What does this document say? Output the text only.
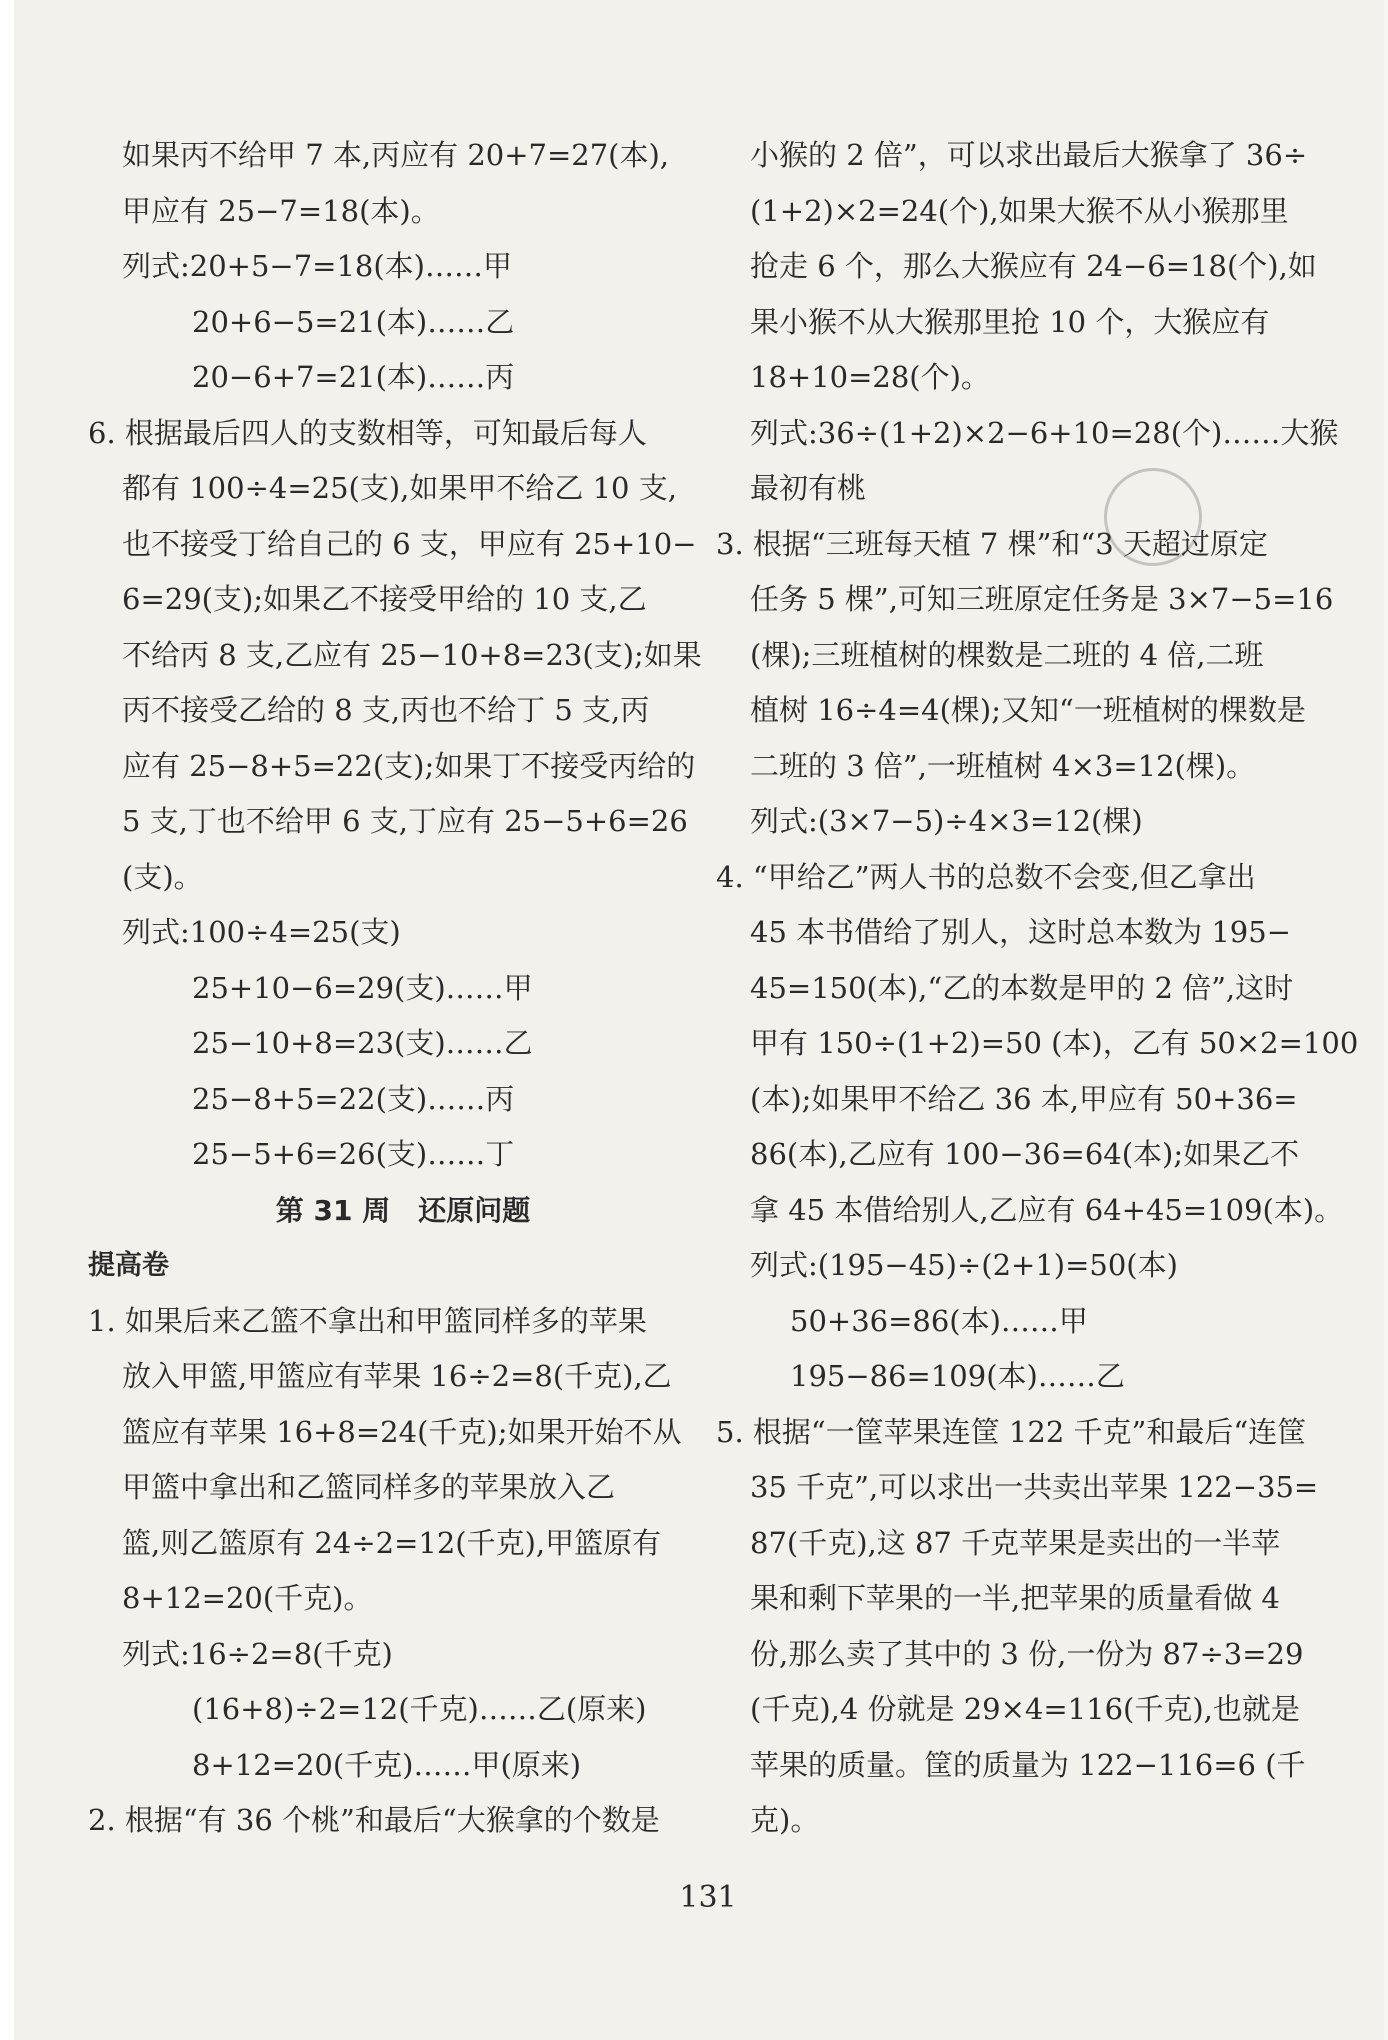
如果丙不给甲 7 本,丙应有 20+7=27(本),
甲应有 25−7=18(本)。
列式:20+5−7=18(本)……甲
20+6−5=21(本)……乙
20−6+7=21(本)……丙
6. 根据最后四人的支数相等，可知最后每人
都有 100÷4=25(支),如果甲不给乙 10 支,
也不接受丁给自己的 6 支，甲应有 25+10−
6=29(支);如果乙不接受甲给的 10 支,乙
不给丙 8 支,乙应有 25−10+8=23(支);如果
丙不接受乙给的 8 支,丙也不给丁 5 支,丙
应有 25−8+5=22(支);如果丁不接受丙给的
5 支,丁也不给甲 6 支,丁应有 25−5+6=26
(支)。
列式:100÷4=25(支)
25+10−6=29(支)……甲
25−10+8=23(支)……乙
25−8+5=22(支)……丙
25−5+6=26(支)……丁
第 31 周　还原问题
提高卷
1. 如果后来乙篮不拿出和甲篮同样多的苹果
放入甲篮,甲篮应有苹果 16÷2=8(千克),乙
篮应有苹果 16+8=24(千克);如果开始不从
甲篮中拿出和乙篮同样多的苹果放入乙
篮,则乙篮原有 24÷2=12(千克),甲篮原有
8+12=20(千克)。
列式:16÷2=8(千克)
(16+8)÷2=12(千克)……乙(原来)
8+12=20(千克)……甲(原来)
2. 根据“有 36 个桃”和最后“大猴拿的个数是
小猴的 2 倍”，可以求出最后大猴拿了 36÷
(1+2)×2=24(个),如果大猴不从小猴那里
抢走 6 个，那么大猴应有 24−6=18(个),如
果小猴不从大猴那里抢 10 个，大猴应有
18+10=28(个)。
列式:36÷(1+2)×2−6+10=28(个)……大猴
最初有桃
3. 根据“三班每天植 7 棵”和“3 天超过原定
任务 5 棵”,可知三班原定任务是 3×7−5=16
(棵);三班植树的棵数是二班的 4 倍,二班
植树 16÷4=4(棵);又知“一班植树的棵数是
二班的 3 倍”,一班植树 4×3=12(棵)。
列式:(3×7−5)÷4×3=12(棵)
4. “甲给乙”两人书的总数不会变,但乙拿出
45 本书借给了别人，这时总本数为 195−
45=150(本),“乙的本数是甲的 2 倍”,这时
甲有 150÷(1+2)=50 (本)，乙有 50×2=100
(本);如果甲不给乙 36 本,甲应有 50+36=
86(本),乙应有 100−36=64(本);如果乙不
拿 45 本借给别人,乙应有 64+45=109(本)。
列式:(195−45)÷(2+1)=50(本)
50+36=86(本)……甲
195−86=109(本)……乙
5. 根据“一筐苹果连筐 122 千克”和最后“连筐
35 千克”,可以求出一共卖出苹果 122−35=
87(千克),这 87 千克苹果是卖出的一半苹
果和剩下苹果的一半,把苹果的质量看做 4
份,那么卖了其中的 3 份,一份为 87÷3=29
(千克),4 份就是 29×4=116(千克),也就是
苹果的质量。筐的质量为 122−116=6 (千
克)。
131
